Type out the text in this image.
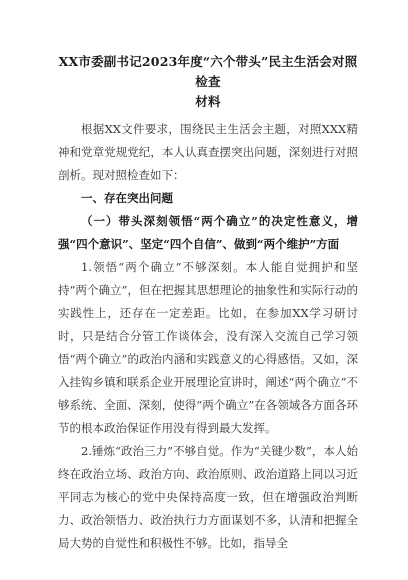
XX市委副书记2023年度“六个带头”民主生活会对照检查
材料

根据XX文件要求，围绕民主生活会主题，对照XXX精神和党章党规党纪，本人认真查摆突出问题，深刻进行对照剖析。现对照检查如下：

一、存在突出问题

（一）带头深刻领悟“两个确立”的决定性意义，增强“四个意识”、坚定“四个自信”、做到“两个维护”方面

1.领悟“两个确立”不够深刻。本人能自觉拥护和坚持“两个确立”，但在把握其思想理论的抽象性和实际行动的实践性上，还存在一定差距。比如，在参加XX学习研讨时，只是结合分管工作谈体会，没有深入交流自己学习领悟“两个确立”的政治内涵和实践意义的心得感悟。又如，深入挂钩乡镇和联系企业开展理论宣讲时，阐述“两个确立”不够系统、全面、深刻，使得“两个确立”在各领域各方面各环节的根本政治保证作用没有得到最大发挥。

2.锤炼“政治三力”不够自觉。作为“关键少数”，本人始终在政治立场、政治方向、政治原则、政治道路上同以习近平同志为核心的党中央保持高度一致，但在增强政治判断力、政治领悟力、政治执行力方面谋划不多，认清和把握全局大势的自觉性和积极性不够。比如，指导全
